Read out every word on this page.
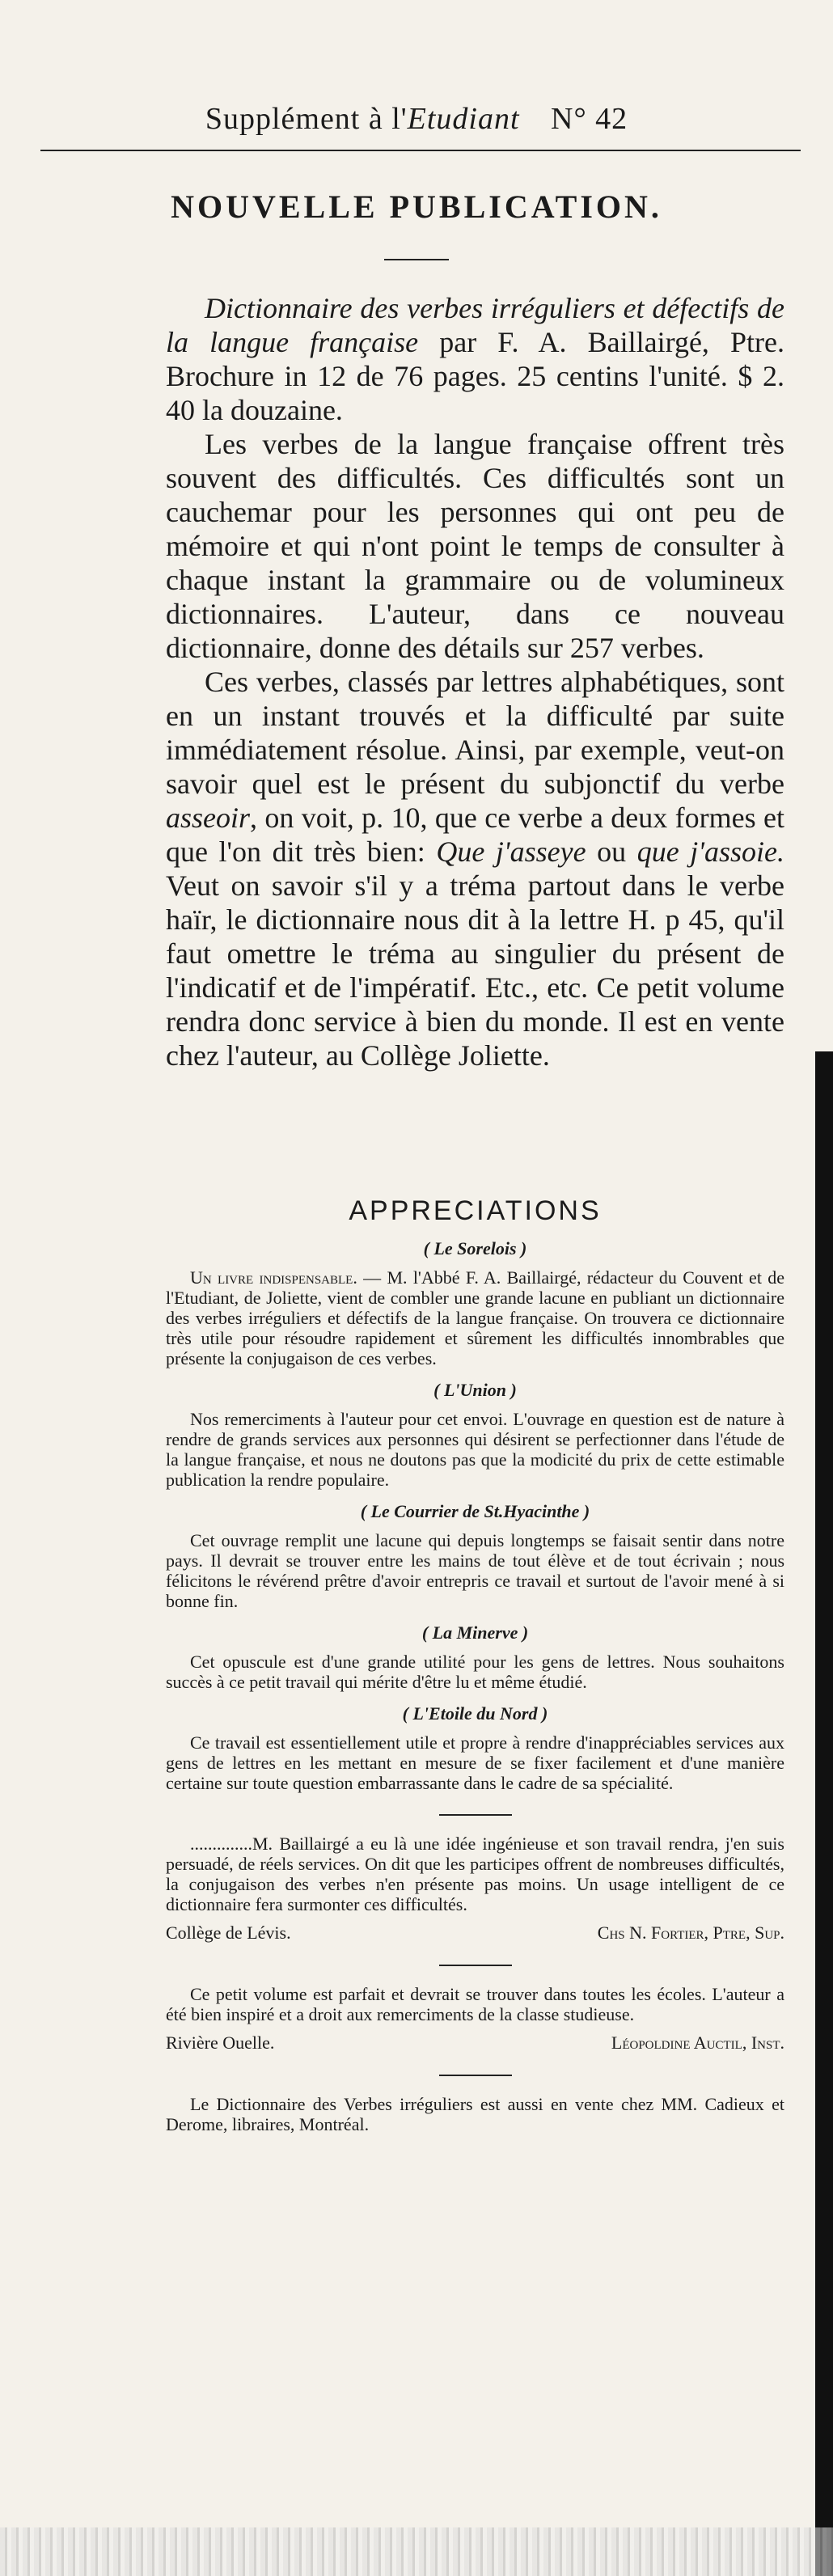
Supplément à l'Etudiant N° 42
NOUVELLE PUBLICATION.

Dictionnaire des verbes irréguliers et défectifs de la langue française par F. A. Baillairgé, Ptre. Brochure in 12 de 76 pages. 25 centins l'unité. $ 2. 40 la douzaine.

Les verbes de la langue française offrent très souvent des difficultés. Ces difficultés sont un cauchemar pour les personnes qui ont peu de mémoire et qui n'ont point le temps de consulter à chaque instant la grammaire ou de volumineux dictionnaires. L'auteur, dans ce nouveau dictionnaire, donne des détails sur 257 verbes.

Ces verbes, classés par lettres alphabétiques, sont en un instant trouvés et la difficulté par suite immédiatement résolue. Ainsi, par exemple, veut-on savoir quel est le présent du subjonctif du verbe asseoir, on voit, p. 10, que ce verbe a deux formes et que l'on dit très bien: Que j'asseye ou que j'assoie. Veut on savoir s'il y a tréma partout dans le verbe haïr, le dictionnaire nous dit à la lettre H. p 45, qu'il faut omettre le tréma au singulier du présent de l'indicatif et de l'impératif. Etc., etc. Ce petit volume rendra donc service à bien du monde. Il est en vente chez l'auteur, au Collège Joliette.

APPRECIATIONS
( Le Sorelois )

Un livre indispensable. — M. l'Abbé F. A. Baillairgé, rédacteur du Couvent et de l'Etudiant, de Joliette, vient de combler une grande lacune en publiant un dictionnaire des verbes irréguliers et défectifs de la langue française. On trouvera ce dictionnaire très utile pour résoudre rapidement et sûrement les difficultés innombrables que présente la conjugaison de ces verbes.

( L'Union )

Nos remerciments à l'auteur pour cet envoi. L'ouvrage en question est de nature à rendre de grands services aux personnes qui désirent se perfectionner dans l'étude de la langue française, et nous ne doutons pas que la modicité du prix de cette estimable publication la rendre populaire.

( Le Courrier de St.Hyacinthe )

Cet ouvrage remplit une lacune qui depuis longtemps se faisait sentir dans notre pays. Il devrait se trouver entre les mains de tout élève et de tout écrivain ; nous félicitons le révérend prêtre d'avoir entrepris ce travail et surtout de l'avoir mené à si bonne fin.

( La Minerve )

Cet opuscule est d'une grande utilité pour les gens de lettres. Nous souhaitons succès à ce petit travail qui mérite d'être lu et même étudié.

( L'Etoile du Nord )

Ce travail est essentiellement utile et propre à rendre d'inappréciables services aux gens de lettres en les mettant en mesure de se fixer facilement et d'une manière certaine sur toute question embarrassante dans le cadre de sa spécialité.

..............M. Baillairgé a eu là une idée ingénieuse et son travail rendra, j'en suis persuadé, de réels services. On dit que les participes offrent de nombreuses difficultés, la conjugaison des verbes n'en présente pas moins. Un usage intelligent de ce dictionnaire fera surmonter ces difficultés.

Collège de Lévis.	Chs N. Fortier, Ptre, Sup.

Ce petit volume est parfait et devrait se trouver dans toutes les écoles. L'auteur a été bien inspiré et a droit aux remerciments de la classe studieuse.

Rivière Ouelle.	Léopoldine Auctil, Inst.

Le Dictionnaire des Verbes irréguliers est aussi en vente chez MM. Cadieux et Derome, libraires, Montréal.
